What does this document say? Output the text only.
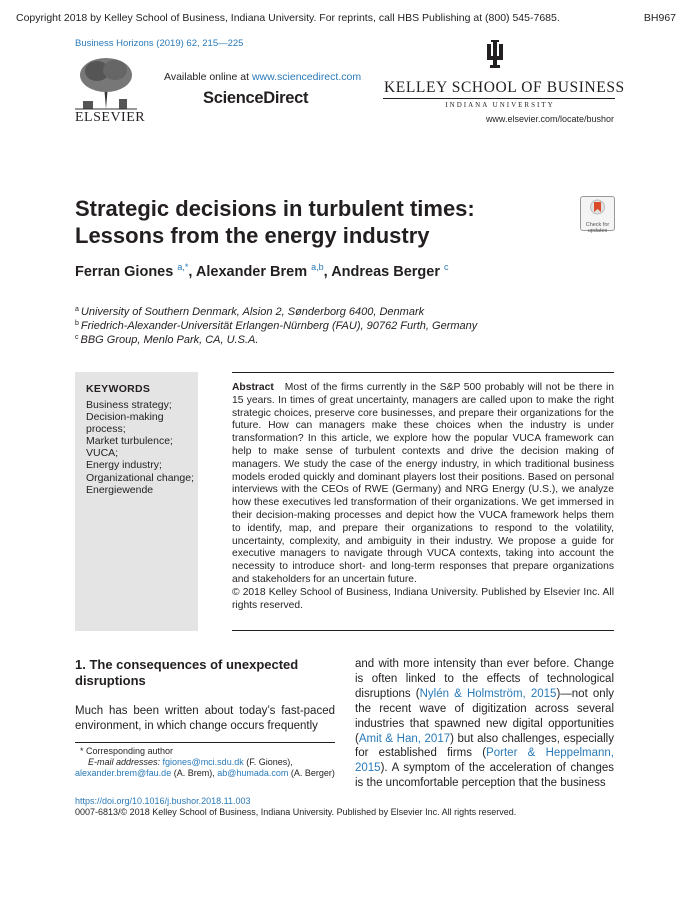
Copyright 2018 by Kelley School of Business, Indiana University. For reprints, call HBS Publishing at (800) 545-7685.	BH967
Business Horizons (2019) 62, 215—225
ELSEVIER
Available online at www.sciencedirect.com
ScienceDirect
KELLEY SCHOOL OF BUSINESS
INDIANA UNIVERSITY
www.elsevier.com/locate/bushor
Strategic decisions in turbulent times:
Lessons from the energy industry	Check for
updates
Ferran Giones $^{a,*}$, Alexander Brem $^{a,b}$, Andreas Berger $^c$
$^a$ University of Southern Denmark, Alsion 2, Sønderborg 6400, Denmark
$^b$ Friedrich-Alexander-Universität Erlangen-Nürnberg (FAU), 90762 Furth, Germany
$^c$ BBG Group, Menlo Park, CA, U.S.A.
KEYWORDS
Business strategy;
Decision-making
process;
Market turbulence;
VUCA;
Energy industry;
Organizational change;
Energiewende
Abstract Most of the firms currently in the S&P 500 probably will not be there in 15 years. In times of great uncertainty, managers are called upon to make the right strategic choices, preserve core businesses, and prepare their organizations for the future. How can managers make these choices when the industry is under transformation? In this article, we explore how the popular VUCA framework can help to make sense of turbulent contexts and drive the decision making of managers. We study the case of the energy industry, in which traditional business models eroded quickly and dominant players lost their positions. Based on personal interviews with the CEOs of RWE (Germany) and NRG Energy (U.S.), we analyze how these executives led transformation of their organizations. We get immersed in their decision-making processes and depict how the VUCA framework helps them to identify, map, and prepare their organizations to respond to the volatility, uncertainty, complexity, and ambiguity in their industry. We propose a guide for executive managers to navigate through VUCA contexts, taking into account the necessity to introduce short- and long-term responses that prepare organizations and stakeholders for an uncertain future.
© 2018 Kelley School of Business, Indiana University. Published by Elsevier Inc. All rights reserved.
1. The consequences of unexpected
disruptions
Much has been written about today’s fast-paced environment, in which change occurs frequently
and with more intensity than ever before. Change is often linked to the effects of technological disruptions (Nylén & Holmström, 2015)—not only the recent wave of digitization across several industries that spawned new digital opportunities (Amit & Han, 2017) but also challenges, especially for established firms (Porter & Heppelmann, 2015). A symptom of the acceleration of changes is the uncomfortable perception that the business
* Corresponding author
E-mail addresses: fgiones@mci.sdu.dk (F. Giones),
alexander.brem@fau.de (A. Brem), ab@humada.com (A. Berger)
https://doi.org/10.1016/j.bushor.2018.11.003
0007-6813/© 2018 Kelley School of Business, Indiana University. Published by Elsevier Inc. All rights reserved.
